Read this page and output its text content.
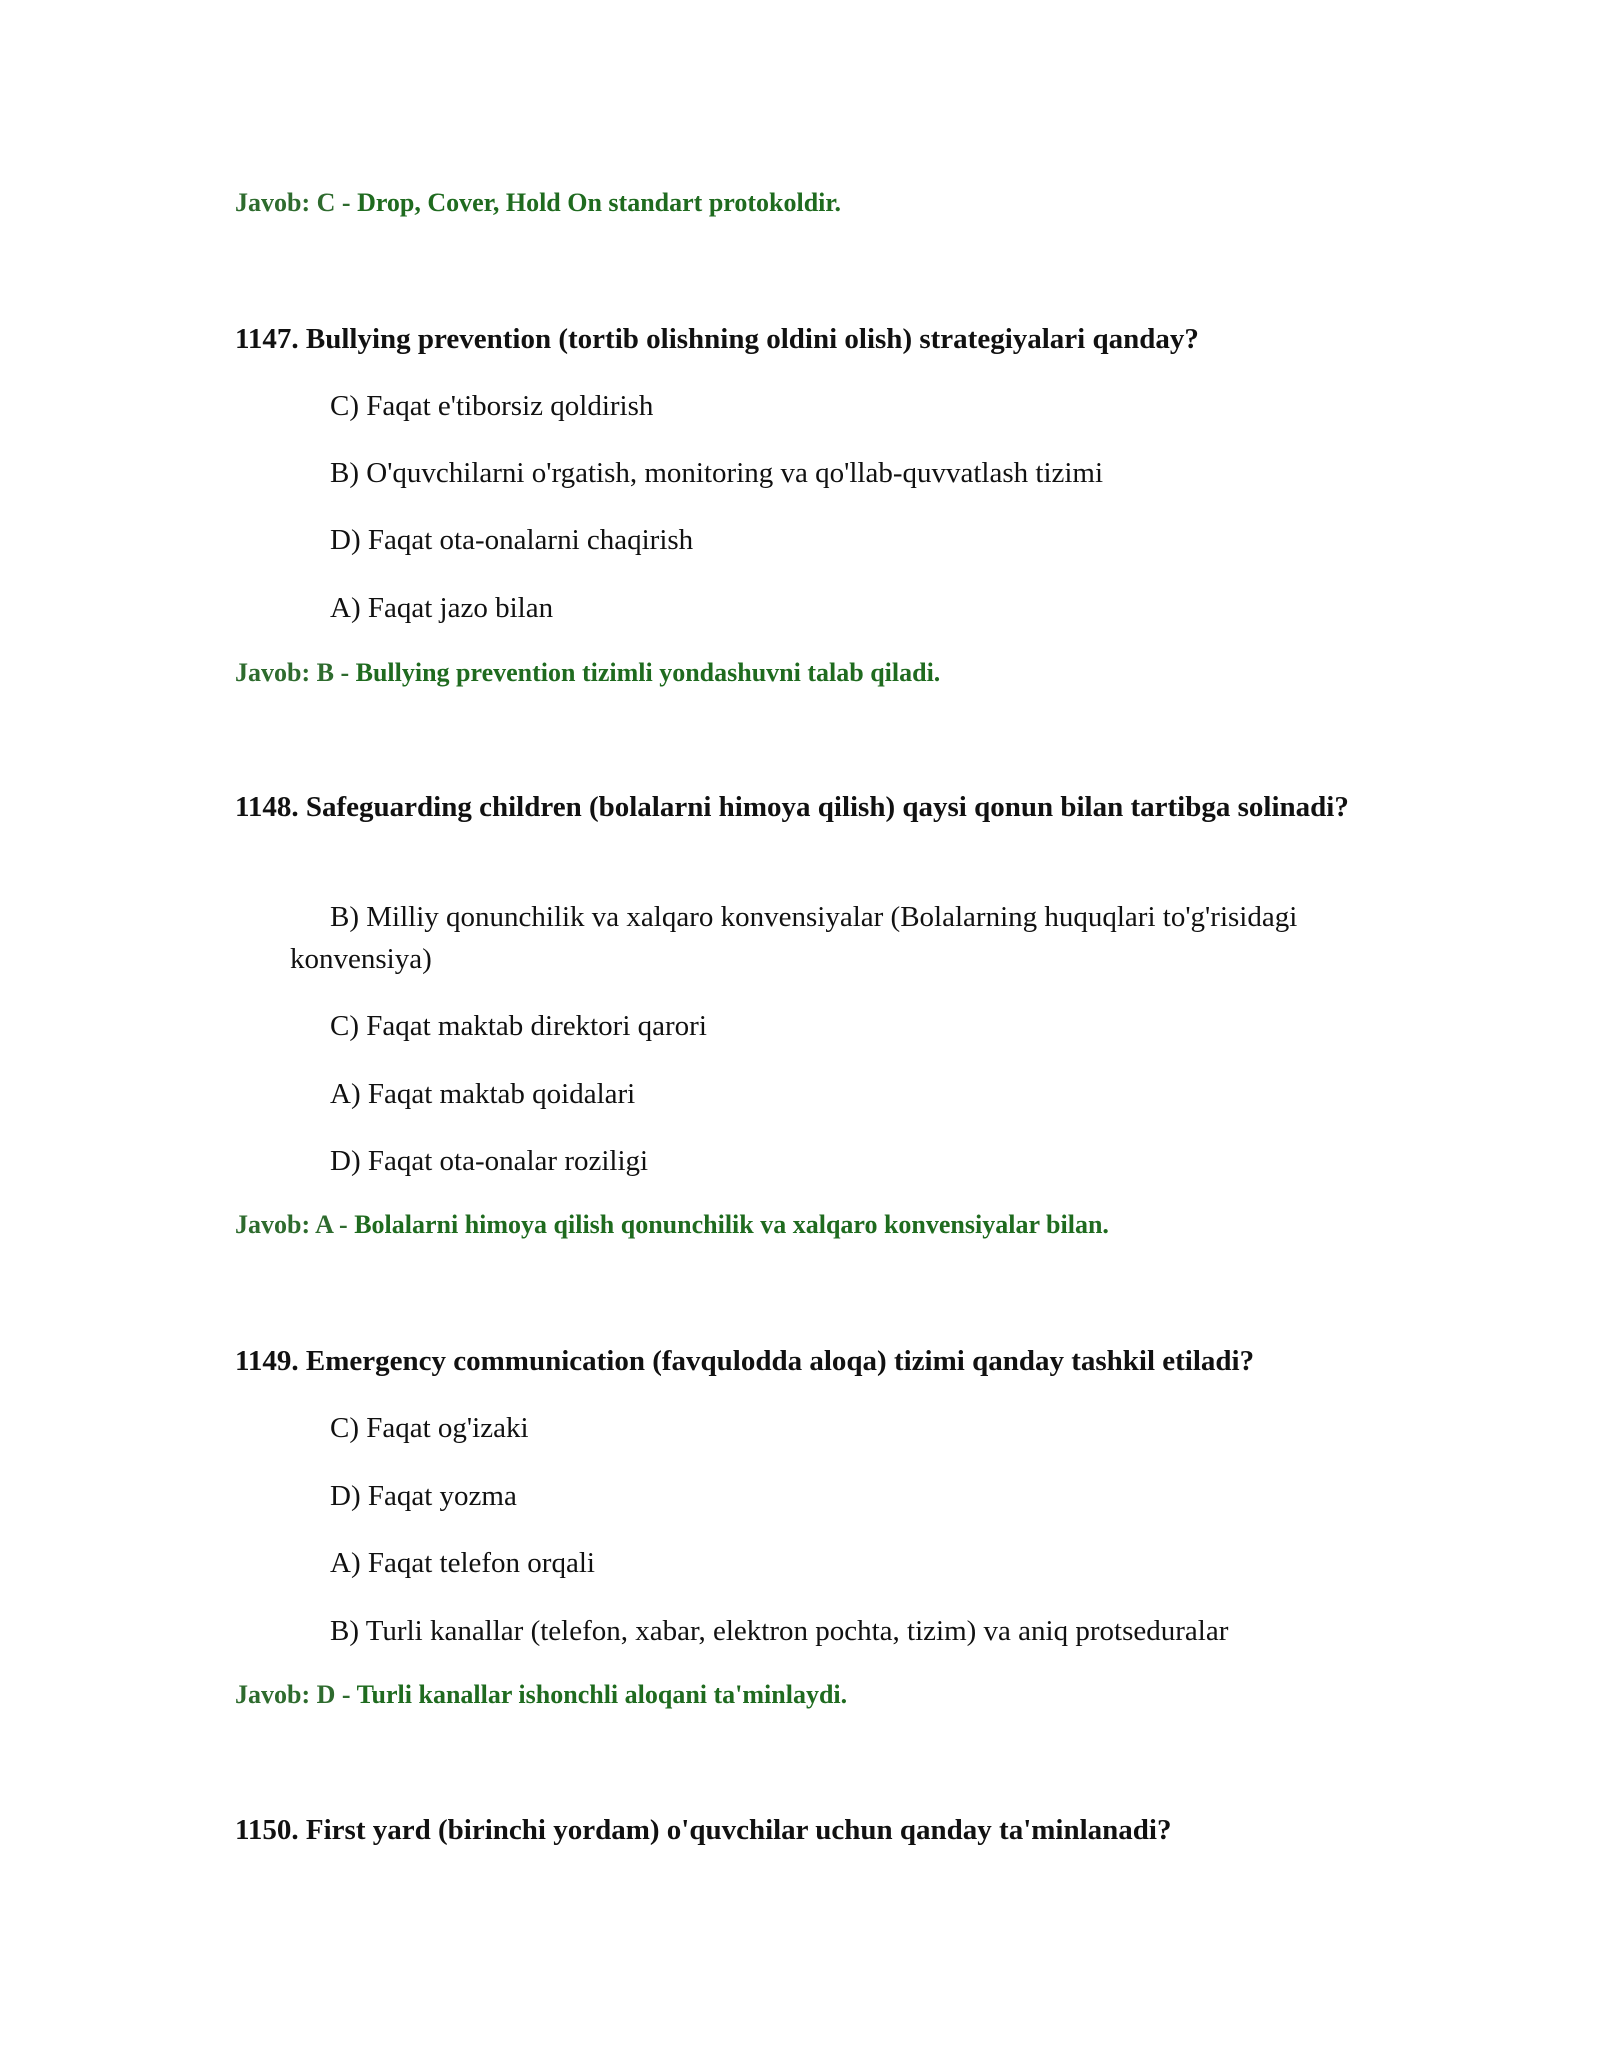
Javob: C - Drop, Cover, Hold On standart protokoldir.
1147. Bullying prevention (tortib olishning oldini olish) strategiyalari qanday?
C) Faqat e'tiborsiz qoldirish
B) O'quvchilarni o'rgatish, monitoring va qo'llab-quvvatlash tizimi
D) Faqat ota-onalarni chaqirish
A) Faqat jazo bilan
Javob: B - Bullying prevention tizimli yondashuvni talab qiladi.
1148. Safeguarding children (bolalarni himoya qilish) qaysi qonun bilan tartibga solinadi?
B) Milliy qonunchilik va xalqaro konvensiyalar (Bolalarning huquqlari to'g'risidagi konvensiya)
C) Faqat maktab direktori qarori
A) Faqat maktab qoidalari
D) Faqat ota-onalar roziligi
Javob: A - Bolalarni himoya qilish qonunchilik va xalqaro konvensiyalar bilan.
1149. Emergency communication (favqulodda aloqa) tizimi qanday tashkil etiladi?
C) Faqat og'izaki
D) Faqat yozma
A) Faqat telefon orqali
B) Turli kanallar (telefon, xabar, elektron pochta, tizim) va aniq protseduralar
Javob: D - Turli kanallar ishonchli aloqani ta'minlaydi.
1150. First yard (birinchi yordam) o'quvchilar uchun qanday ta'minlanadi?
